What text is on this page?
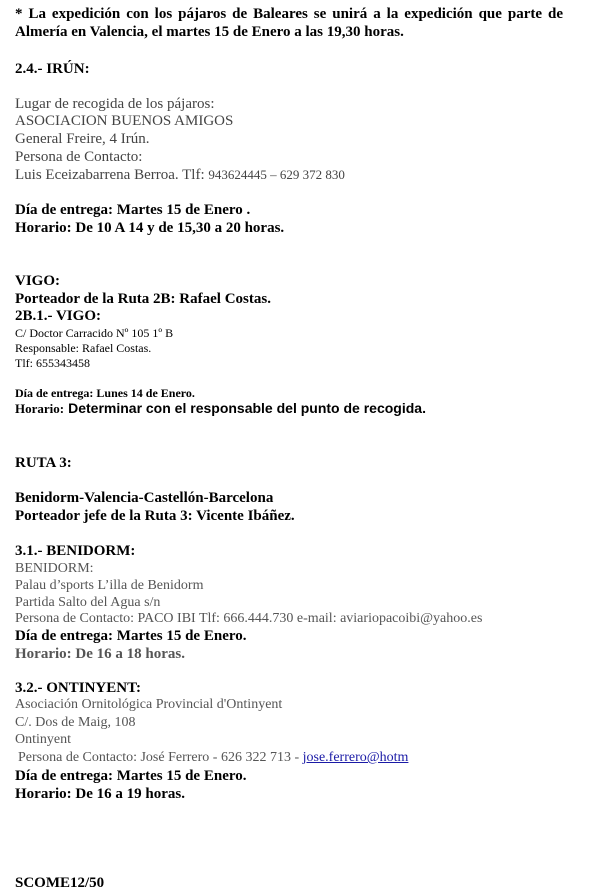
* La expedición con los pájaros de Baleares se unirá a la expedición que parte de
Almería en Valencia, el martes 15 de Enero a las 19,30 horas.
2.4.- IRÚN:
Lugar de recogida de los pájaros:
ASOCIACION BUENOS AMIGOS
General Freire, 4 Irún.
Persona de Contacto:
Luis Eceizabarrena Berroa. Tlf: 943624445 – 629 372 830
Día de entrega: Martes 15 de Enero .
Horario: De 10 A 14 y de 15,30 a 20 horas.
VIGO:
Porteador de la Ruta 2B: Rafael Costas.
2B.1.- VIGO:
C/ Doctor Carracido Nº 105 1º B
Responsable: Rafael Costas.
Tlf: 655343458
Día de entrega: Lunes 14 de Enero.
Horario: Determinar con el responsable del punto de recogida.
RUTA 3:
Benidorm-Valencia-Castellón-Barcelona
Porteador jefe de la Ruta 3: Vicente Ibáñez.
3.1.- BENIDORM:
BENIDORM:
Palau d’sports L’illa de Benidorm
Partida Salto del Agua s/n
Persona de Contacto: PACO IBI Tlf: 666.444.730 e-mail: aviariopacoibi@yahoo.es
Día de entrega: Martes 15 de Enero.
Horario: De 16 a 18 horas.
3.2.- ONTINYENT:
Asociación Ornitológica Provincial d'Ontinyent
C/. Dos de Maig, 108
Ontinyent
Persona de Contacto: José Ferrero - 626 322 713 - jose.ferrero@hotm
Día de entrega: Martes 15 de Enero.
Horario: De 16 a 19 horas.
SCOME12/50
